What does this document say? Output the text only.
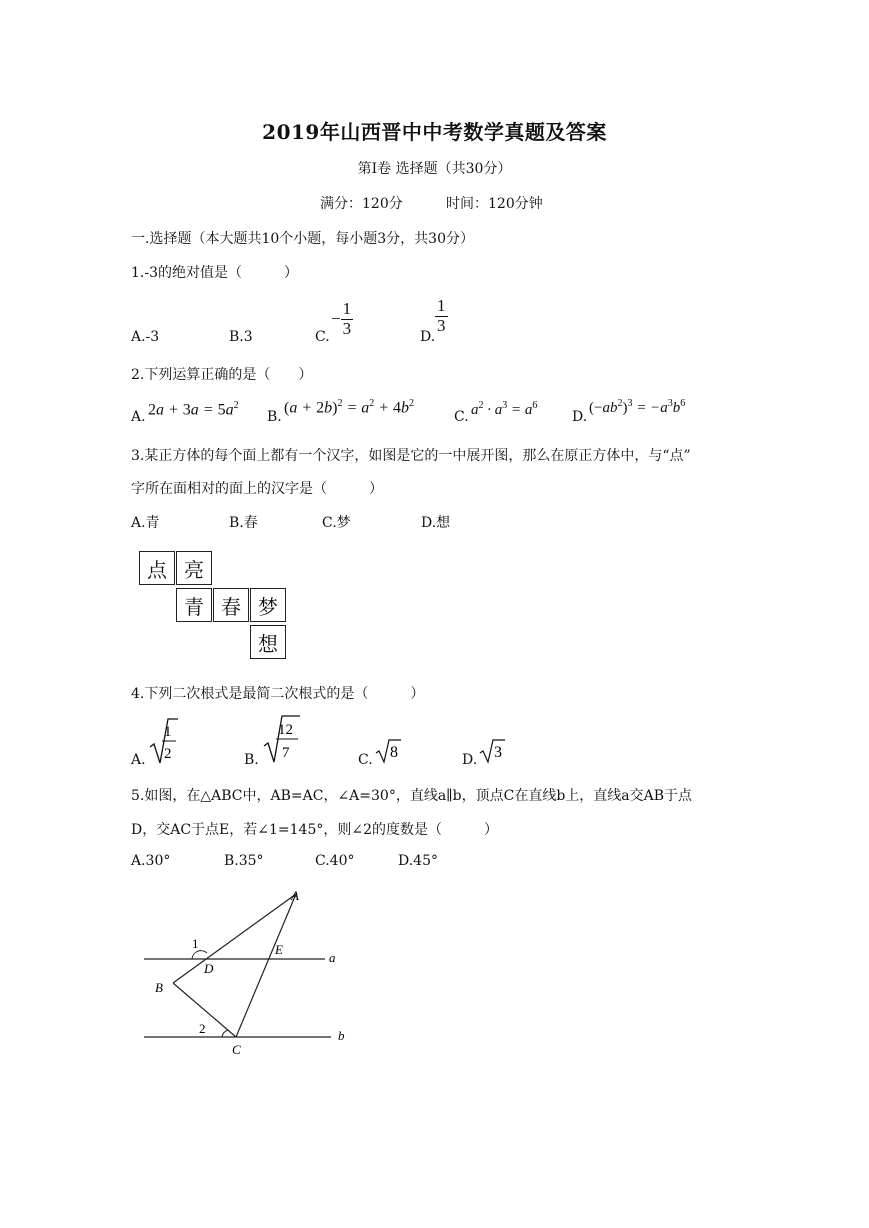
2019年山西晋中中考数学真题及答案
第Ⅰ卷 选择题（共30分）
满分：120分	时间：120分钟
一.选择题（本大题共10个小题，每小题3分，共30分）
1.-3的绝对值是（　　　）
A.-3	B.3	C.
− $\frac{1}{3}$	D.
$\frac{1}{3}$
2.下列运算正确的是（　　）
A. $2a + 3a = 5a^2$
B.
$(a + 2b)^2 = a^2 + 4b^2$
C. $a^2 \cdot a^3 = a^6$
D.
$(-ab^2)^3 = -a^3b^6$
3.某正方体的每个面上都有一个汉字，如图是它的一中展开图，那么在原正方体中，与“点”
字所在面相对的面上的汉字是（　　　）
A.青	B.春	C.梦	D.想
点 亮
青 春 梦
想
4.下列二次根式是最简二次根式的是（　　　）
A.
1
2	B.
12
7	C. 8	D. 3
5.如图，在△ABC中，AB=AC，∠A=30°，直线a∥b，顶点C在直线b上，直线a交AB于点
D，交AC于点E，若∠1=145°，则∠2的度数是（　　　）
A.30°	B.35°	C.40°	D.45°
A
B
C
D
E
a
b
1
2
